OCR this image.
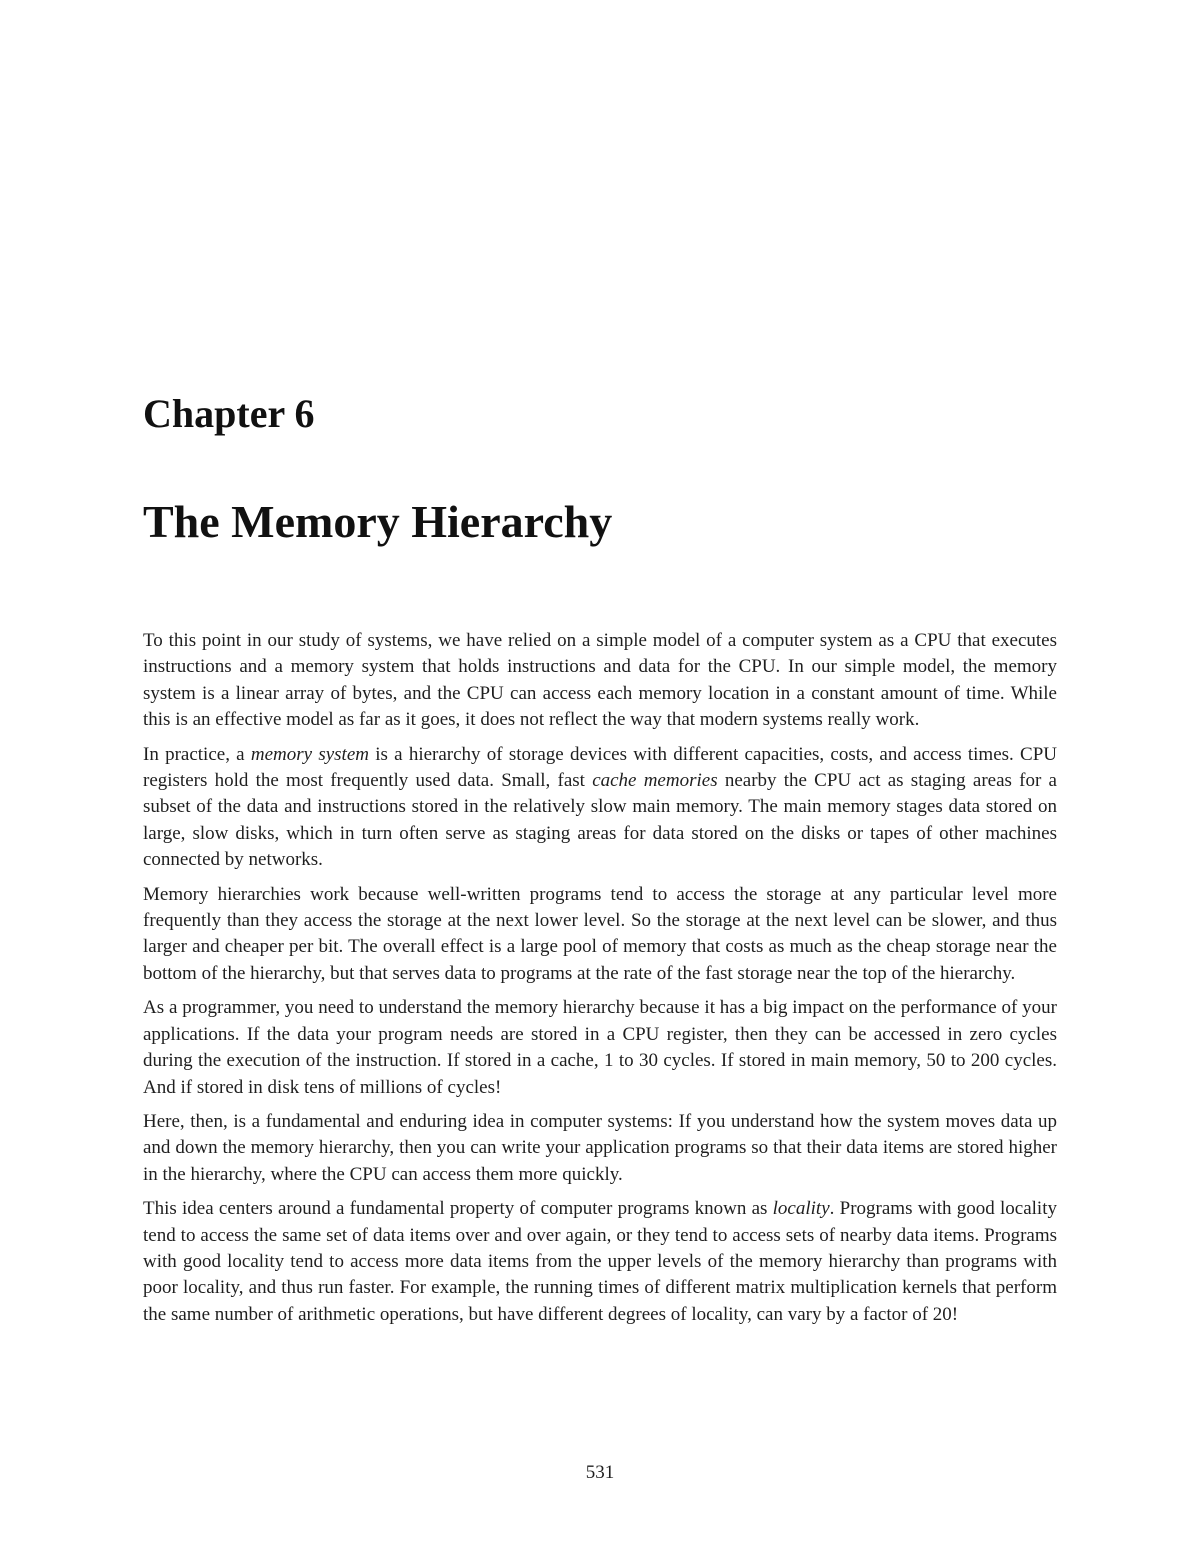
Chapter 6
The Memory Hierarchy

To this point in our study of systems, we have relied on a simple model of a computer system as a CPU that executes instructions and a memory system that holds instructions and data for the CPU. In our simple model, the memory system is a linear array of bytes, and the CPU can access each memory location in a constant amount of time. While this is an effective model as far as it goes, it does not reflect the way that modern systems really work.

In practice, a memory system is a hierarchy of storage devices with different capacities, costs, and access times. CPU registers hold the most frequently used data. Small, fast cache memories nearby the CPU act as staging areas for a subset of the data and instructions stored in the relatively slow main memory. The main memory stages data stored on large, slow disks, which in turn often serve as staging areas for data stored on the disks or tapes of other machines connected by networks.

Memory hierarchies work because well-written programs tend to access the storage at any particular level more frequently than they access the storage at the next lower level. So the storage at the next level can be slower, and thus larger and cheaper per bit. The overall effect is a large pool of memory that costs as much as the cheap storage near the bottom of the hierarchy, but that serves data to programs at the rate of the fast storage near the top of the hierarchy.

As a programmer, you need to understand the memory hierarchy because it has a big impact on the performance of your applications. If the data your program needs are stored in a CPU register, then they can be accessed in zero cycles during the execution of the instruction. If stored in a cache, 1 to 30 cycles. If stored in main memory, 50 to 200 cycles. And if stored in disk tens of millions of cycles!

Here, then, is a fundamental and enduring idea in computer systems: If you understand how the system moves data up and down the memory hierarchy, then you can write your application programs so that their data items are stored higher in the hierarchy, where the CPU can access them more quickly.

This idea centers around a fundamental property of computer programs known as locality. Programs with good locality tend to access the same set of data items over and over again, or they tend to access sets of nearby data items. Programs with good locality tend to access more data items from the upper levels of the memory hierarchy than programs with poor locality, and thus run faster. For example, the running times of different matrix multiplication kernels that perform the same number of arithmetic operations, but have different degrees of locality, can vary by a factor of 20!

531
